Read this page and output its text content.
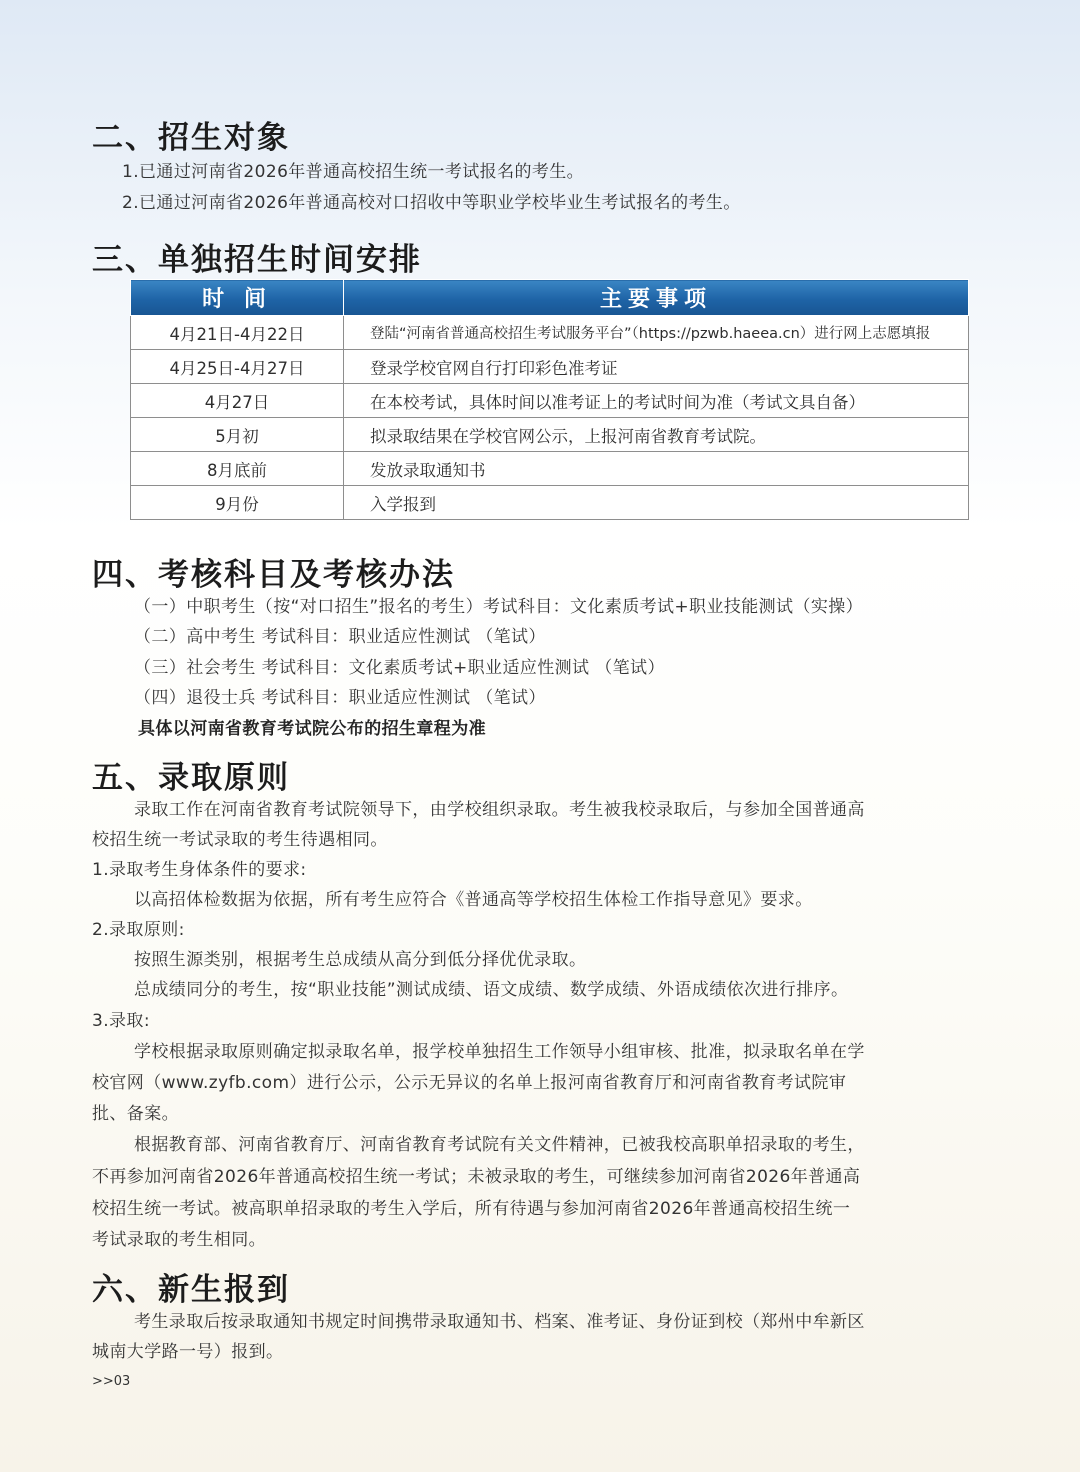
二、招生对象
1.已通过河南省2026年普通高校招生统一考试报名的考生。
2.已通过河南省2026年普通高校对口招收中等职业学校毕业生考试报名的考生。
三、单独招生时间安排
时 间	主要事项
4月21日-4月22日	登陆“河南省普通高校招生考试服务平台”（https://pzwb.haeea.cn）进行网上志愿填报
4月25日-4月27日	登录学校官网自行打印彩色准考证
4月27日	在本校考试，具体时间以准考证上的考试时间为准（考试文具自备）
5月初	拟录取结果在学校官网公示，上报河南省教育考试院。
8月底前	发放录取通知书
9月份	入学报到
四、考核科目及考核办法
（一）中职考生（按“对口招生”报名的考生）考试科目：文化素质考试+职业技能测试（实操）
（二）高中考生 考试科目：职业适应性测试 （笔试）
（三）社会考生 考试科目：文化素质考试+职业适应性测试 （笔试）
（四）退役士兵 考试科目：职业适应性测试 （笔试）
具体以河南省教育考试院公布的招生章程为准
五、录取原则
录取工作在河南省教育考试院领导下，由学校组织录取。考生被我校录取后，与参加全国普通高
校招生统一考试录取的考生待遇相同。
1.录取考生身体条件的要求:
以高招体检数据为依据，所有考生应符合《普通高等学校招生体检工作指导意见》要求。
2.录取原则:
按照生源类别，根据考生总成绩从高分到低分择优优录取。
总成绩同分的考生，按“职业技能”测试成绩、语文成绩、数学成绩、外语成绩依次进行排序。
3.录取:
学校根据录取原则确定拟录取名单，报学校单独招生工作领导小组审核、批准，拟录取名单在学
校官网（www.zyfb.com）进行公示，公示无异议的名单上报河南省教育厅和河南省教育考试院审
批、备案。
根据教育部、河南省教育厅、河南省教育考试院有关文件精神，已被我校高职单招录取的考生，
不再参加河南省2026年普通高校招生统一考试；未被录取的考生，可继续参加河南省2026年普通高
校招生统一考试。被高职单招录取的考生入学后，所有待遇与参加河南省2026年普通高校招生统一
考试录取的考生相同。
六、新生报到
考生录取后按录取通知书规定时间携带录取通知书、档案、准考证、身份证到校（郑州中牟新区
城南大学路一号）报到。
>>03
